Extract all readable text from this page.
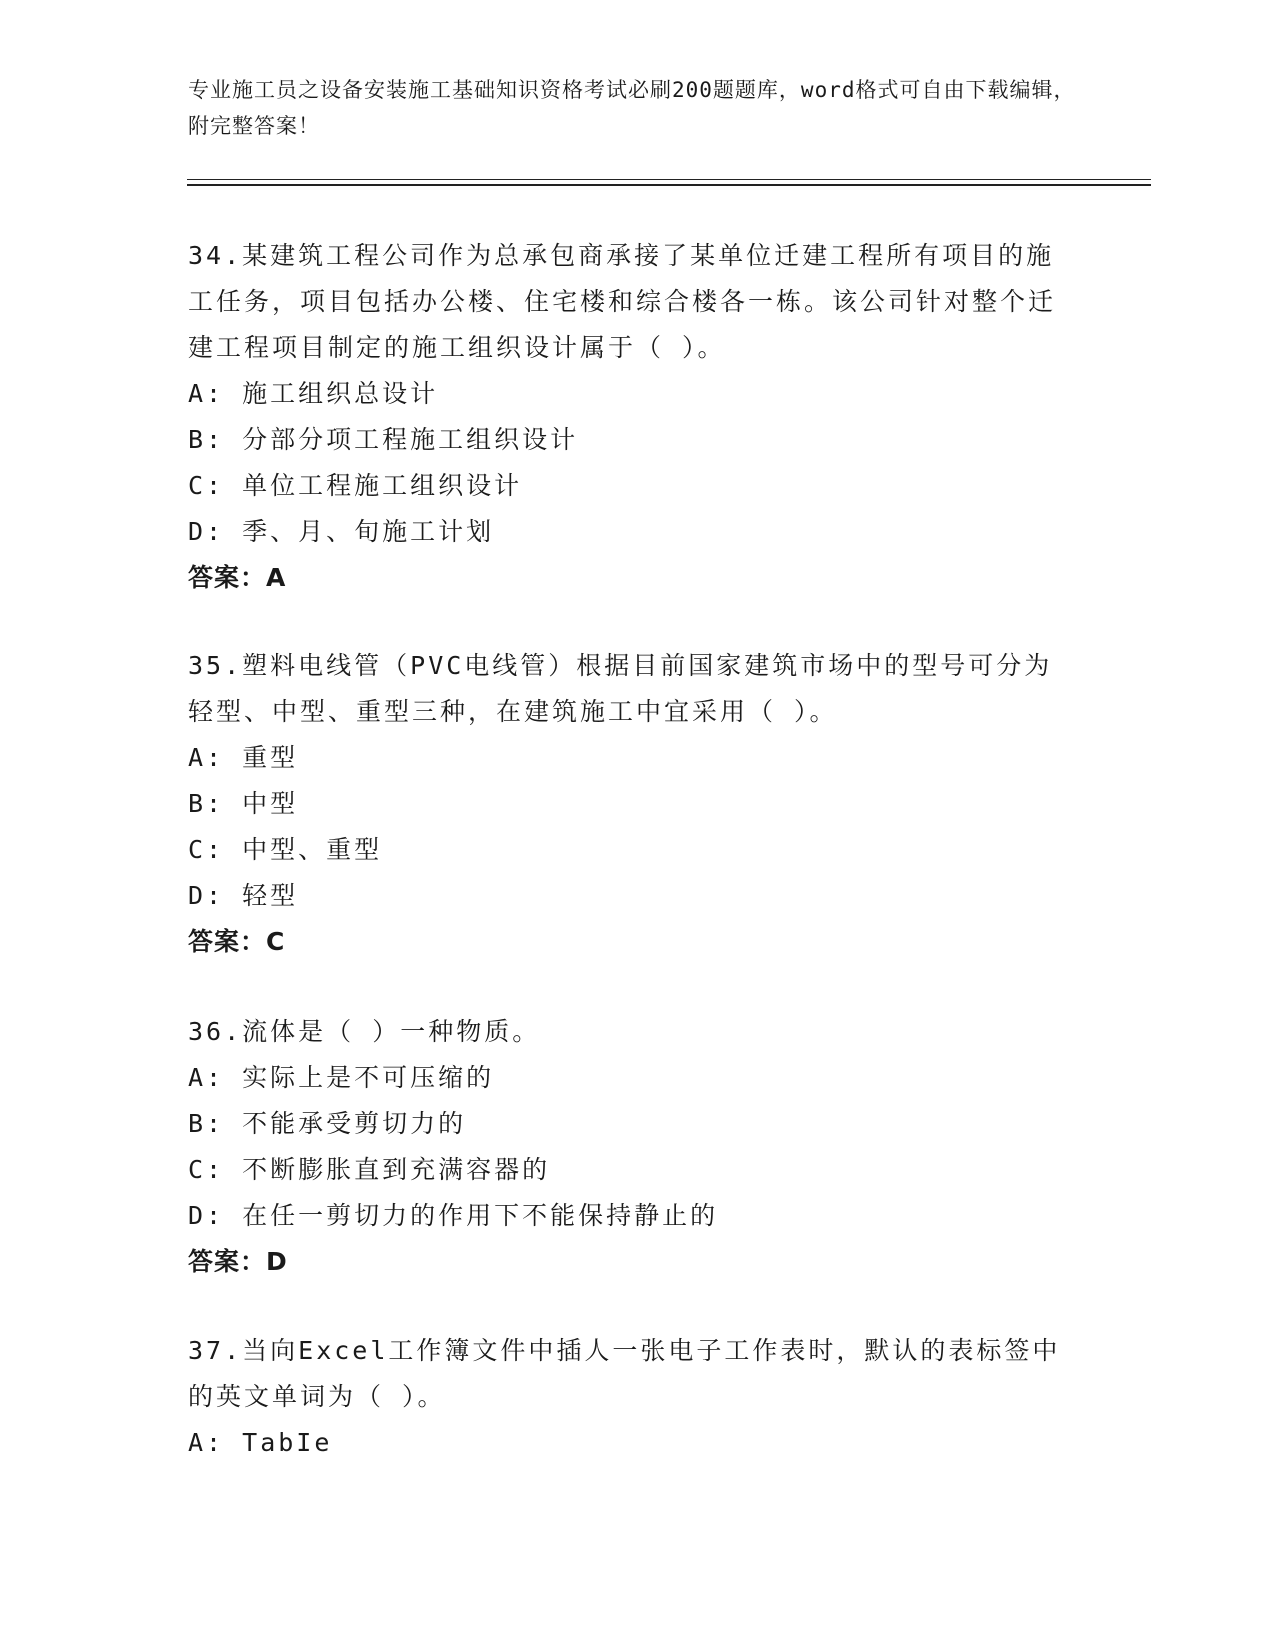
专业施工员之设备安装施工基础知识资格考试必刷200题题库，word格式可自由下载编辑，附完整答案！

34.某建筑工程公司作为总承包商承接了某单位迁建工程所有项目的施工任务，项目包括办公楼、住宅楼和综合楼各一栋。该公司针对整个迁建工程项目制定的施工组织设计属于（ ）。

A: 施工组织总设计

B: 分部分项工程施工组织设计

C: 单位工程施工组织设计

D: 季、月、旬施工计划

答案：A

35.塑料电线管（PVC电线管）根据目前国家建筑市场中的型号可分为轻型、中型、重型三种，在建筑施工中宜采用（ ）。

A: 重型

B: 中型

C: 中型、重型

D: 轻型

答案：C

36.流体是（ ）一种物质。

A: 实际上是不可压缩的

B: 不能承受剪切力的

C: 不断膨胀直到充满容器的

D: 在任一剪切力的作用下不能保持静止的

答案：D

37.当向Excel工作簿文件中插人一张电子工作表时，默认的表标签中的英文单词为（ ）。

A: TabIe
